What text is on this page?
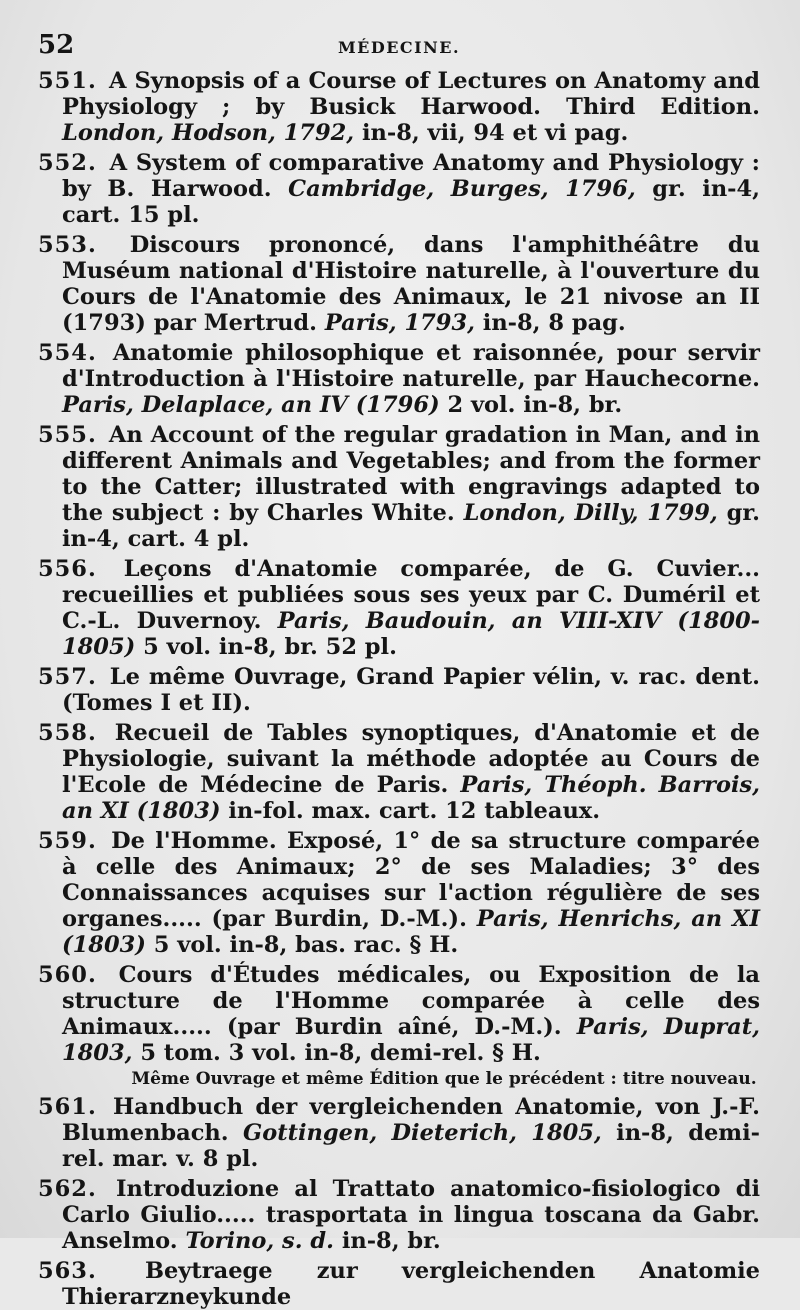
52	MÉDECINE.
551. A Synopsis of a Course of Lectures on Anatomy and Physiology ; by Busick Harwood. Third Edition. London, Hodson, 1792, in-8, vii, 94 et vi pag.
552. A System of comparative Anatomy and Physiology : by B. Harwood. Cambridge, Burges, 1796, gr. in-4, cart. 15 pl.
553. Discours prononcé, dans l'amphithéâtre du Muséum national d'Histoire naturelle, à l'ouverture du Cours de l'Anatomie des Animaux, le 21 nivose an II (1793) par Mertrud. Paris, 1793, in-8, 8 pag.
554. Anatomie philosophique et raisonnée, pour servir d'Introduction à l'Histoire naturelle, par Hauchecorne. Paris, Delaplace, an IV (1796) 2 vol. in-8, br.
555. An Account of the regular gradation in Man, and in different Animals and Vegetables; and from the former to the Catter; illustrated with engravings adapted to the subject : by Charles White. London, Dilly, 1799, gr. in-4, cart. 4 pl.
556. Leçons d'Anatomie comparée, de G. Cuvier... recueillies et publiées sous ses yeux par C. Duméril et C.-L. Duvernoy. Paris, Baudouin, an VIII-XIV (1800-1805) 5 vol. in-8, br. 52 pl.
557. Le même Ouvrage, Grand Papier vélin, v. rac. dent. (Tomes I et II).
558. Recueil de Tables synoptiques, d'Anatomie et de Physiologie, suivant la méthode adoptée au Cours de l'Ecole de Médecine de Paris. Paris, Théoph. Barrois, an XI (1803) in-fol. max. cart. 12 tableaux.
559. De l'Homme. Exposé, 1° de sa structure comparée à celle des Animaux; 2° de ses Maladies; 3° des Connaissances acquises sur l'action régulière de ses organes..... (par Burdin, D.-M.). Paris, Henrichs, an XI (1803) 5 vol. in-8, bas. rac. § H.
560. Cours d'Études médicales, ou Exposition de la structure de l'Homme comparée à celle des Animaux..... (par Burdin aîné, D.-M.). Paris, Duprat, 1803, 5 tom. 3 vol. in-8, demi-rel. § H.
Même Ouvrage et même Édition que le précédent : titre nouveau.
561. Handbuch der vergleichenden Anatomie, von J.-F. Blumenbach. Gottingen, Dieterich, 1805, in-8, demi-rel. mar. v. 8 pl.
562. Introduzione al Trattato anatomico-fisiologico di Carlo Giulio..... trasportata in lingua toscana da Gabr. Anselmo. Torino, s. d. in-8, br.
563. Beytraege zur vergleichenden Anatomie Thierarzneykunde
